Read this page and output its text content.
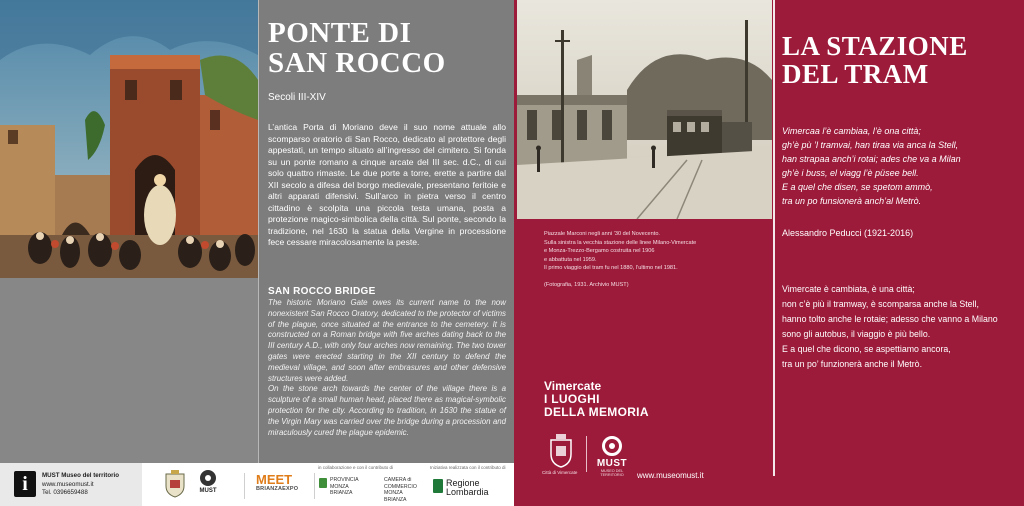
PONTE DI
SAN ROCCO
Secoli III-XIV
L’antica Porta di Moriano deve il suo nome attuale allo scomparso oratorio di San Rocco, dedicato al protettore degli appestati, un tempo situato all’ingresso del cimitero. Si fonda su un ponte romano a cinque arcate del III sec. d.C., di cui solo quattro rimaste. Le due porte a torre, erette a partire dal XII secolo a difesa del borgo medievale, presentano feritoie e altri apparati difensivi. Sull’arco in pietra verso il centro cittadino è scolpita una piccola testa umana, posta a protezione magico-simbolica della città. Sul ponte, secondo la tradizione, nel 1630 la statua della Vergine in processione fece cessare miracolosamente la peste.
SAN ROCCO BRIDGE

The historic Moriano Gate owes its current name to the now nonexistent San Rocco Oratory, dedicated to the protector of victims of the plague, once situated at the entrance to the cemetery. It is constructed on a Roman bridge with five arches dating back to the III century A.D., with only four arches now remaining. The two tower gates were erected starting in the XII century to defend the medieval village, and soon after embrasures and other defensive structures were added.

On the stone arch towards the center of the village there is a sculpture of a small human head, placed there as magical-symbolic protection for the city. According to tradition, in 1630 the statue of the Virgin Mary was carried over the bridge during a procession and miraculously cured the plague epidemic.

i	MUST Museo del territorio
www.museomust.it
Tel. 0396659488	MUST
MEET
BRIANZAEXPO
in collaborazione e con il contributo di
PROVINCIA MONZA BRIANZA
CAMERA di COMMERCIO MONZA BRIANZA
Iniziativa realizzata con il contributo di
Regione
Lombardia

Piazzale Marconi negli anni ’30 del Novecento.

Sulla sinistra la vecchia stazione delle linee Milano-Vimercate

e Monza-Trezzo-Bergamo costruita nel 1906

e abbattuta nel 1959.

Il primo viaggio del tram fu nel 1880, l’ultimo nel 1981.

(Fotografia, 1931. Archivio MUST)

LA STAZIONE
DEL TRAM
Vimercaa l’è cambiaa, l’è ona città;
gh’è pù ’l tramvai, han tiraa via anca la Stell,
han strapaa anch’i rotai; ades che va a Milan
gh’è i buss, el viagg l’è püsee bell.
E a quel che disen, se spetom ammò,
tra un po funsionerà anch’al Metrò.
Alessandro Peducci (1921-2016)
Vimercate è cambiata, è una città;
non c’è più il tramway, è scomparsa anche la Stell,
hanno tolto anche le rotaie; adesso che vanno a Milano
sono gli autobus, il viaggio è più bello.
E a quel che dicono, se aspettiamo ancora,
tra un po’ funzionerà anche il Metrò.
Vimercate
I LUOGHI
DELLA MEMORIA
Città di Vimercate
MUST
MUSEO DEL TERRITORIO	www.museomust.it
